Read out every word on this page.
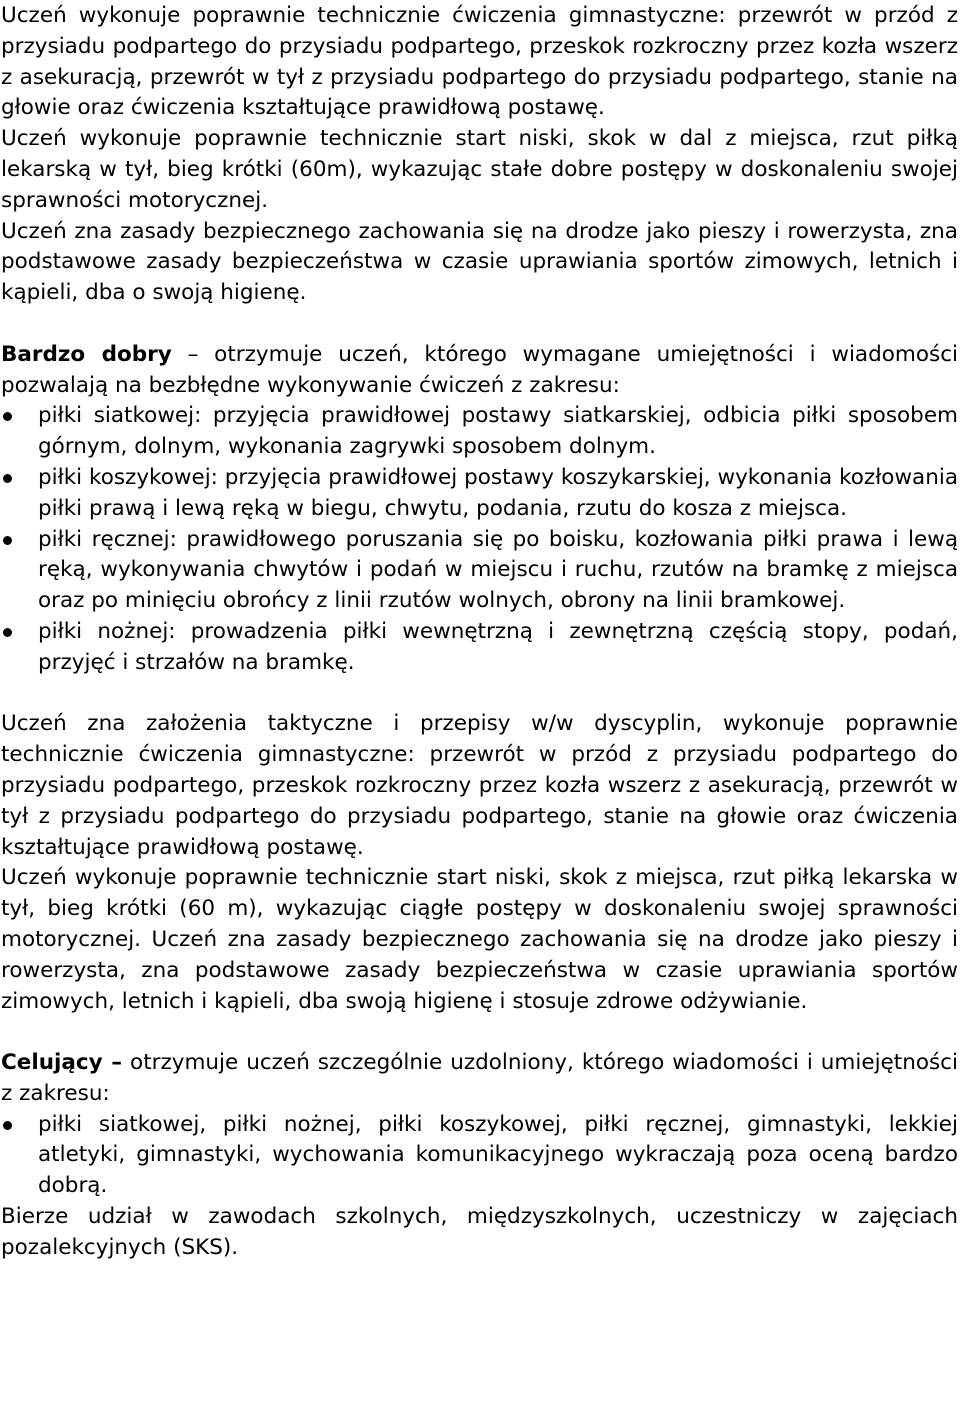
Uczeń wykonuje poprawnie technicznie ćwiczenia gimnastyczne: przewrót w przód z przysiadu podpartego do przysiadu podpartego, przeskok rozkroczny przez kozła wszerz z asekuracją, przewrót w tył z przysiadu podpartego do przysiadu podpartego, stanie na głowie oraz ćwiczenia kształtujące prawidłową postawę.

Uczeń wykonuje poprawnie technicznie start niski, skok w dal z miejsca, rzut piłką lekarską w tył, bieg krótki (60m), wykazując stałe dobre postępy w doskonaleniu swojej sprawności motorycznej.

Uczeń zna zasady bezpiecznego zachowania się na drodze jako pieszy i rowerzysta, zna podstawowe zasady bezpieczeństwa w czasie uprawiania sportów zimowych, letnich i kąpieli, dba o swoją higienę.

Bardzo dobry – otrzymuje uczeń, którego wymagane umiejętności i wiadomości pozwalają na bezbłędne wykonywanie ćwiczeń z zakresu:

piłki siatkowej: przyjęcia prawidłowej postawy siatkarskiej, odbicia piłki sposobem górnym, dolnym, wykonania zagrywki sposobem dolnym.
piłki koszykowej: przyjęcia prawidłowej postawy koszykarskiej, wykonania kozłowania piłki prawą i lewą ręką w biegu, chwytu, podania, rzutu do kosza z miejsca.
piłki ręcznej: prawidłowego poruszania się po boisku, kozłowania piłki prawa i lewą ręką, wykonywania chwytów i podań w miejscu i ruchu, rzutów na bramkę z miejsca oraz po minięciu obrońcy z linii rzutów wolnych, obrony na linii bramkowej.
piłki nożnej: prowadzenia piłki wewnętrzną i zewnętrzną częścią stopy, podań, przyjęć i strzałów na bramkę.

Uczeń zna założenia taktyczne i przepisy w/w dyscyplin, wykonuje poprawnie technicznie ćwiczenia gimnastyczne: przewrót w przód z przysiadu podpartego do przysiadu podpartego, przeskok rozkroczny przez kozła wszerz z asekuracją, przewrót w tył z przysiadu podpartego do przysiadu podpartego, stanie na głowie oraz ćwiczenia kształtujące prawidłową postawę.

Uczeń wykonuje poprawnie technicznie start niski, skok z miejsca, rzut piłką lekarska w tył, bieg krótki (60 m), wykazując ciągłe postępy w doskonaleniu swojej sprawności motorycznej. Uczeń zna zasady bezpiecznego zachowania się na drodze jako pieszy i rowerzysta, zna podstawowe zasady bezpieczeństwa w czasie uprawiania sportów zimowych, letnich i kąpieli, dba swoją higienę i stosuje zdrowe odżywianie.

Celujący – otrzymuje uczeń szczególnie uzdolniony, którego wiadomości i umiejętności z zakresu:

piłki siatkowej, piłki nożnej, piłki koszykowej, piłki ręcznej, gimnastyki, lekkiej atletyki, gimnastyki, wychowania komunikacyjnego wykraczają poza oceną bardzo dobrą.

Bierze udział w zawodach szkolnych, międzyszkolnych, uczestniczy w zajęciach pozalekcyjnych (SKS).
